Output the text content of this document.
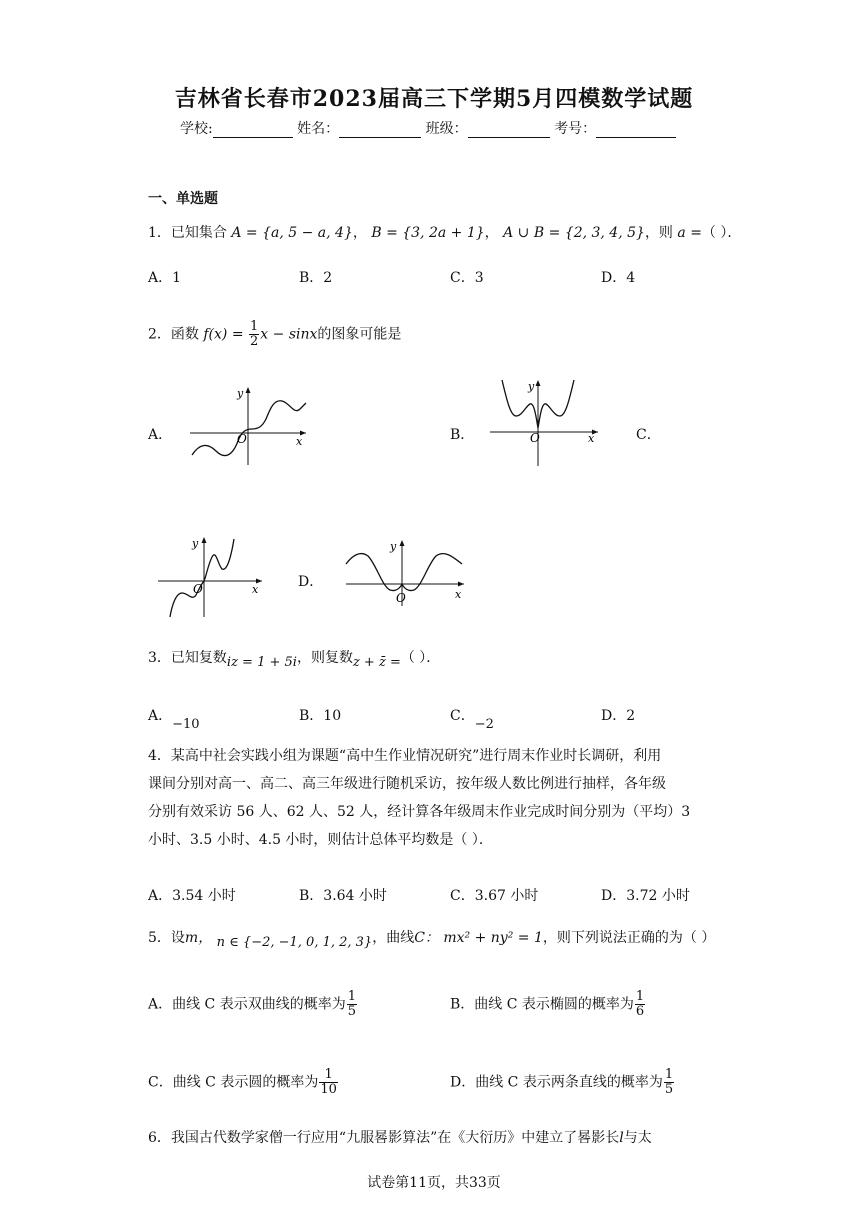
吉林省长春市2023届高三下学期5月四模数学试题
学校:	姓名：	班级：	考号：
一、单选题
1．已知集合 A = {a, 5 − a, 4}， B = {3, 2a + 1}， A ∪ B = {2, 3, 4, 5}，则 a =（ ）．
A．1	B．2	C．3	D．4
2．函数 $f(x) = \frac{1}{2}$ x − sinx的图象可能是
A．	B．	C．
D．
x
y
O	x
y
O
x
y
O	x
y
O
3．已知复数iz = 1 + 5i，则复数z + z̄ =（ ）．
A．−10
B．10	C．−2
D．2
4．某高中社会实践小组为课题“高中生作业情况研究”进行周末作业时长调研，利用
课间分别对高一、高二、高三年级进行随机采访，按年级人数比例进行抽样，各年级
分别有效采访 56 人、62 人、52 人，经计算各年级周末作业完成时间分别为（平均）3
小时、3.5 小时、4.5 小时，则估计总体平均数是（ ）．
A．3.54 小时	B．3.64 小时	C．3.67 小时	D．3.72 小时
5．设m， n ∈ {−2, −1, 0, 1, 2, 3}，曲线C： mx² + ny² = 1，则下列说法正确的为（ ）
A．曲线 C 表示双曲线的概率为 $\frac{1}{5}$	B．曲线 C 表示椭圆的概率为 $\frac{1}{6}$
C．曲线 C 表示圆的概率为 $\frac{1}{10}$	D．曲线 C 表示两条直线的概率为 $\frac{1}{5}$
6．我国古代数学家僧一行应用“九服晷影算法”在《大衍历》中建立了晷影长l与太
试卷第11页，共33页
